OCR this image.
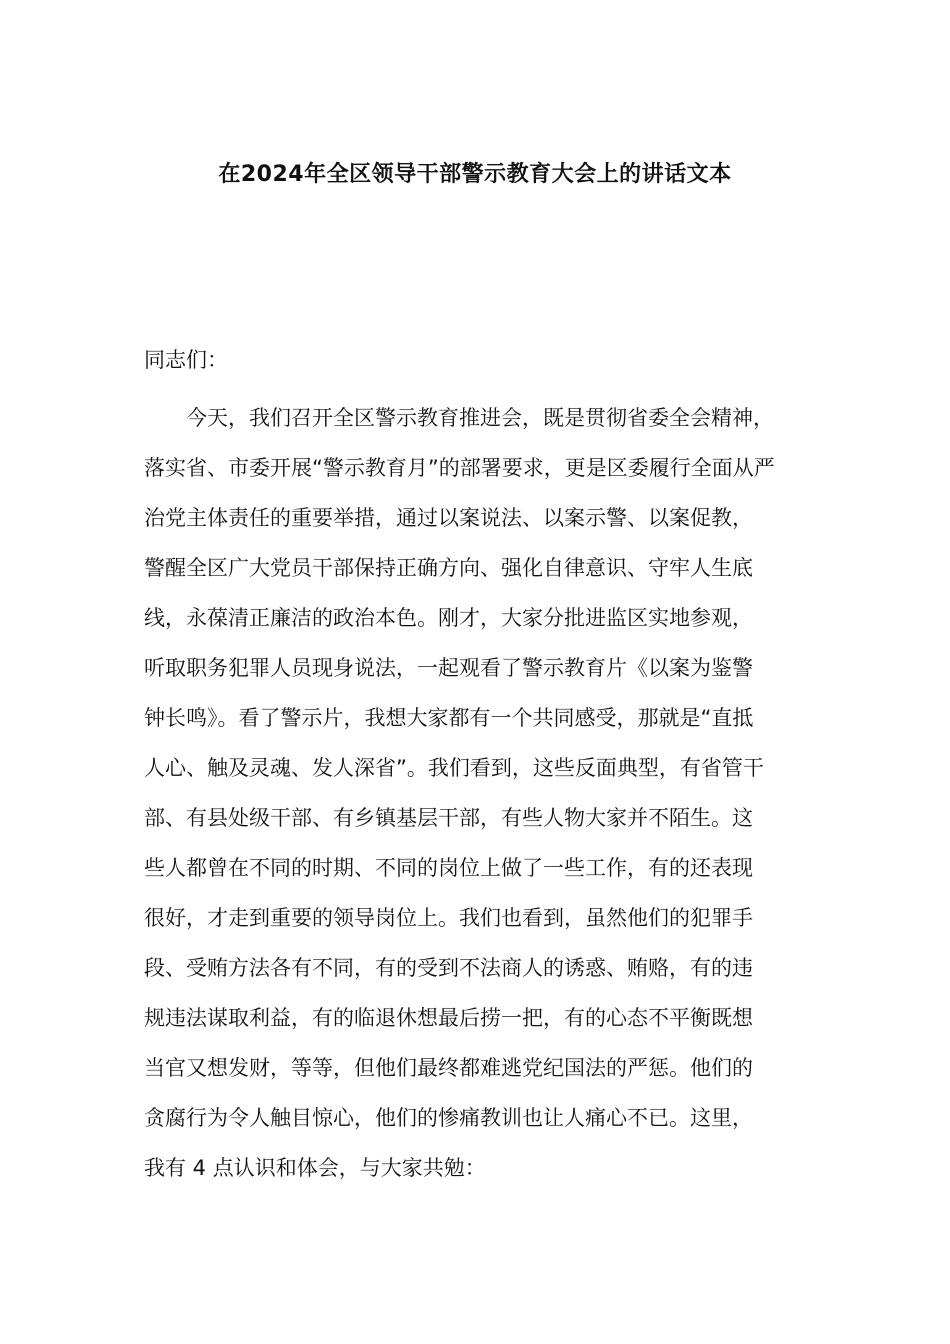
在2024年全区领导干部警示教育大会上的讲话文本

同志们：

今天，我们召开全区警示教育推进会，既是贯彻省委全会精神，
落实省、市委开展“警示教育月”的部署要求，更是区委履行全面从严
治党主体责任的重要举措，通过以案说法、以案示警、以案促教，
警醒全区广大党员干部保持正确方向、强化自律意识、守牢人生底
线，永葆清正廉洁的政治本色。刚才，大家分批进监区实地参观，
听取职务犯罪人员现身说法，一起观看了警示教育片《以案为鉴警
钟长鸣》。看了警示片，我想大家都有一个共同感受，那就是“直抵
人心、触及灵魂、发人深省”。我们看到，这些反面典型，有省管干
部、有县处级干部、有乡镇基层干部，有些人物大家并不陌生。这
些人都曾在不同的时期、不同的岗位上做了一些工作，有的还表现
很好，才走到重要的领导岗位上。我们也看到，虽然他们的犯罪手
段、受贿方法各有不同，有的受到不法商人的诱惑、贿赂，有的违
规违法谋取利益，有的临退休想最后捞一把，有的心态不平衡既想
当官又想发财，等等，但他们最终都难逃党纪国法的严惩。他们的
贪腐行为令人触目惊心，他们的惨痛教训也让人痛心不已。这里，
我有 4 点认识和体会，与大家共勉：
